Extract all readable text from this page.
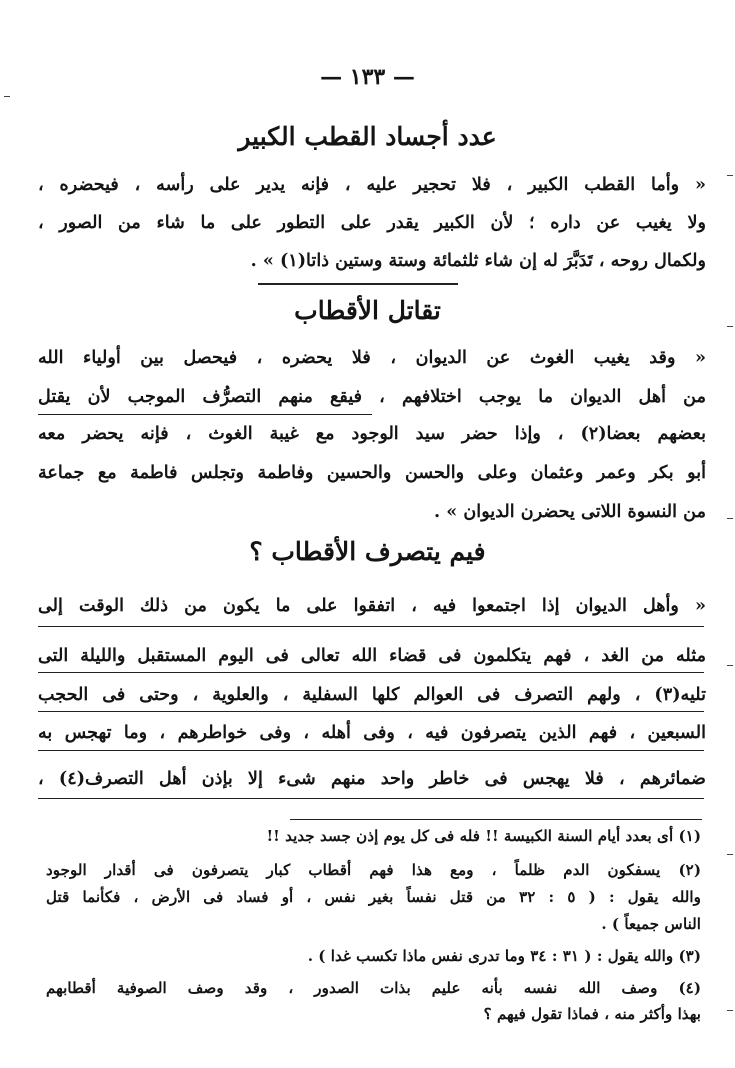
— ١٣٣ —
عدد أجساد القطب الكبير
« وأما القطب الكبير ، فلا تحجير عليه ، فإنه يدير على رأسه ، فيحضره ،
ولا يغيب عن داره ؛ لأن الكبير يقدر على التطور على ما شاء من الصور ،
ولكمال روحه ، تَدَبَّرَ له إن شاء ثلثمائة وستة وستين ذاتا(١) » .
تقاتل الأقطاب
« وقد يغيب الغوث عن الديوان ، فلا يحضره ، فيحصل بين أولياء الله
من أهل الديوان ما يوجب اختلافهم ، فيقع منهم التصرُّف الموجب لأن يقتل
بعضهم بعضا(٢) ، وإذا حضر سيد الوجود مع غيبة الغوث ، فإنه يحضر معه
أبو بكر وعمر وعثمان وعلى والحسن والحسين وفاطمة وتجلس فاطمة مع جماعة
من النسوة اللاتى يحضرن الديوان » .
فيم يتصرف الأقطاب ؟
« وأهل الديوان إذا اجتمعوا فيه ، اتفقوا على ما يكون من ذلك الوقت إلى
مثله من الغد ، فهم يتكلمون فى قضاء الله تعالى فى اليوم المستقبل والليلة التى
تليه(٣) ، ولهم التصرف فى العوالم كلها السفلية ، والعلوية ، وحتى فى الحجب
السبعين ، فهم الذين يتصرفون فيه ، وفى أهله ، وفى خواطرهم ، وما تهجس به
ضمائرهم ، فلا يهجس فى خاطر واحد منهم شىء إلا بإذن أهل التصرف(٤) ،
(١) أى بعدد أيام السنة الكبيسة !! فله فى كل يوم إذن جسد جديد !!
(٢) يسفكون الدم ظلماً ، ومع هذا فهم أقطاب كبار يتصرفون فى أقدار الوجود
والله يقول : ( ٥ : ٣٢ من قتل نفساً بغير نفس ، أو فساد فى الأرض ، فكأنما قتل
الناس جميعاً ) .
(٣) والله يقول : ( ٣١ : ٣٤ وما تدرى نفس ماذا تكسب غدا ) .
(٤) وصف الله نفسه بأنه عليم بذات الصدور ، وقد وصف الصوفية أقطابهم
بهذا وأكثر منه ، فماذا تقول فيهم ؟
